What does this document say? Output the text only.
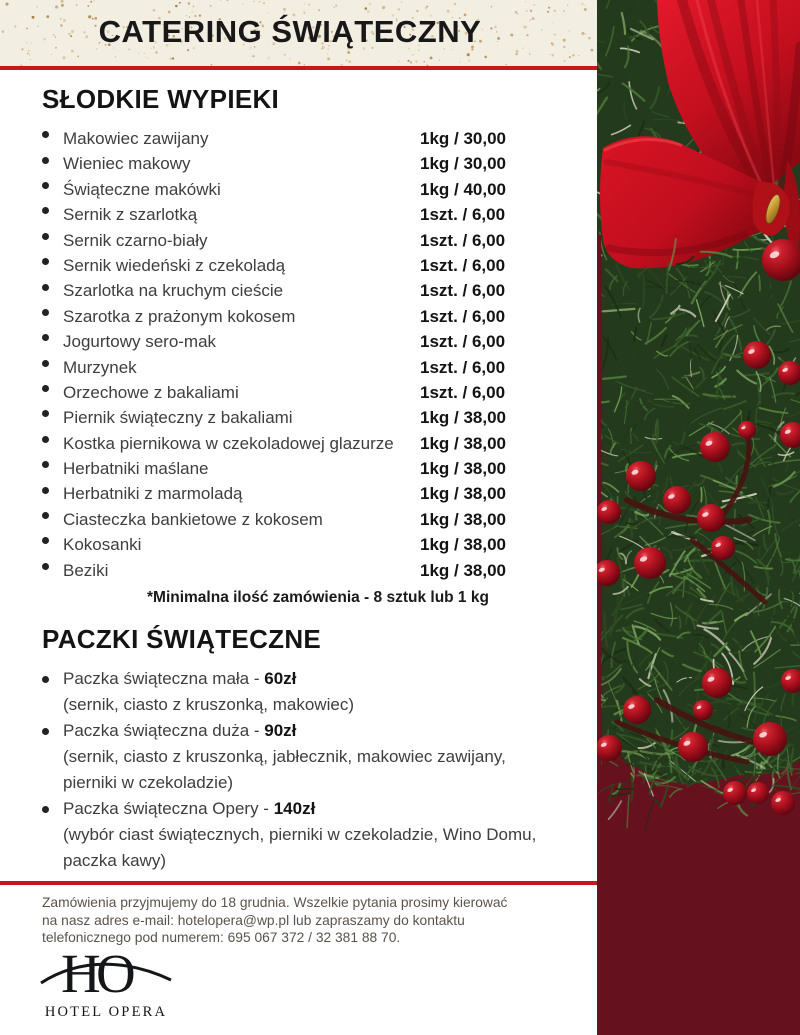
CATERING ŚWIĄTECZNY
SŁODKIE WYPIEKI
Makowiec zawijany	1kg / 30,00
Wieniec makowy	1kg / 30,00
Świąteczne makówki	1kg / 40,00
Sernik z szarlotką	1szt. / 6,00
Sernik czarno-biały	1szt. / 6,00
Sernik wiedeński z czekoladą	1szt. / 6,00
Szarlotka na kruchym cieście	1szt. / 6,00
Szarotka z prażonym kokosem	1szt. / 6,00
Jogurtowy sero-mak	1szt. / 6,00
Murzynek	1szt. / 6,00
Orzechowe z bakaliami	1szt. / 6,00
Piernik świąteczny z bakaliami	1kg / 38,00
Kostka piernikowa w czekoladowej glazurze	1kg / 38,00
Herbatniki maślane	1kg / 38,00
Herbatniki z marmoladą	1kg / 38,00
Ciasteczka bankietowe z kokosem	1kg / 38,00
Kokosanki	1kg / 38,00
Beziki	1kg / 38,00
*Minimalna ilość zamówienia - 8 sztuk lub 1 kg
PACZKI ŚWIĄTECZNE
Paczka świąteczna mała - 60zł
(sernik, ciasto z kruszonką, makowiec)
Paczka świąteczna duża - 90zł
(sernik, ciasto z kruszonką, jabłecznik, makowiec zawijany, pierniki w czekoladzie)
Paczka świąteczna Opery - 140zł
(wybór ciast świątecznych, pierniki w czekoladzie, Wino Domu, paczka kawy)
Zamówienia przyjmujemy do 18 grudnia. Wszelkie pytania prosimy kierować
na nasz adres e-mail: hotelopera@wp.pl lub zapraszamy do kontaktu
telefonicznego pod numerem: 695 067 372 / 32 381 88 70.
H
O
HOTEL OPERA
